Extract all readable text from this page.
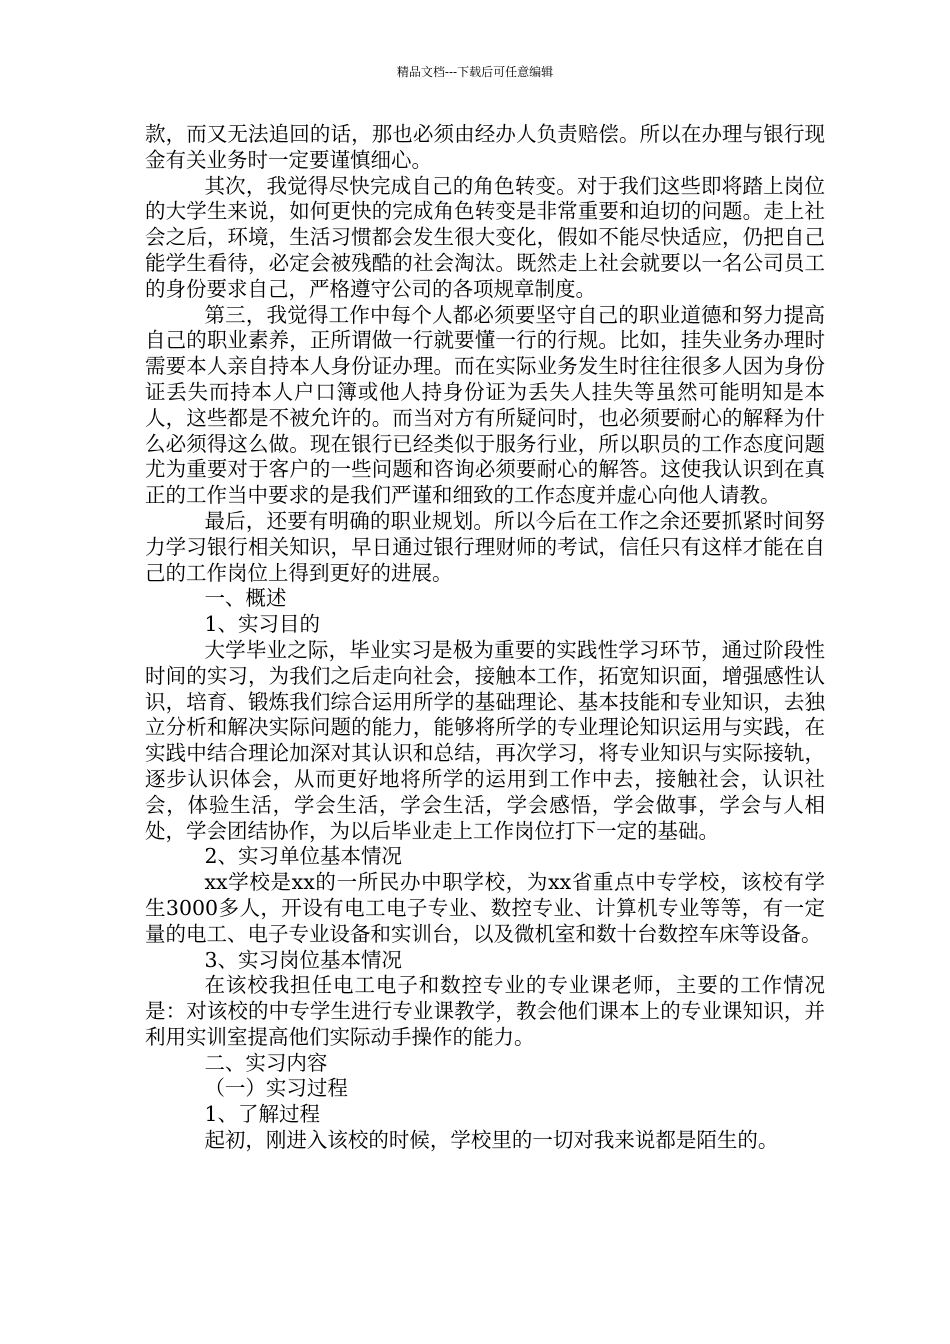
精品文档---下载后可任意编辑

款，而又无法追回的话，那也必须由经办人负责赔偿。所以在办理与银行现金有关业务时一定要谨慎细心。

其次，我觉得尽快完成自己的角色转变。对于我们这些即将踏上岗位的大学生来说，如何更快的完成角色转变是非常重要和迫切的问题。走上社会之后，环境，生活习惯都会发生很大变化，假如不能尽快适应，仍把自己能学生看待，必定会被残酷的社会淘汰。既然走上社会就要以一名公司员工的身份要求自己，严格遵守公司的各项规章制度。

第三，我觉得工作中每个人都必须要坚守自己的职业道德和努力提高自己的职业素养，正所谓做一行就要懂一行的行规。比如，挂失业务办理时需要本人亲自持本人身份证办理。而在实际业务发生时往往很多人因为身份证丢失而持本人户口簿或他人持身份证为丢失人挂失等虽然可能明知是本人，这些都是不被允许的。而当对方有所疑问时，也必须要耐心的解释为什么必须得这么做。现在银行已经类似于服务行业，所以职员的工作态度问题尤为重要对于客户的一些问题和咨询必须要耐心的解答。这使我认识到在真正的工作当中要求的是我们严谨和细致的工作态度并虚心向他人请教。

最后，还要有明确的职业规划。所以今后在工作之余还要抓紧时间努力学习银行相关知识，早日通过银行理财师的考试，信任只有这样才能在自己的工作岗位上得到更好的进展。

一、概述

1、实习目的

大学毕业之际，毕业实习是极为重要的实践性学习环节，通过阶段性时间的实习，为我们之后走向社会，接触本工作，拓宽知识面，增强感性认识，培育、锻炼我们综合运用所学的基础理论、基本技能和专业知识，去独立分析和解决实际问题的能力，能够将所学的专业理论知识运用与实践，在实践中结合理论加深对其认识和总结，再次学习，将专业知识与实际接轨，逐步认识体会，从而更好地将所学的运用到工作中去，接触社会，认识社会，体验生活，学会生活，学会生活，学会感悟，学会做事，学会与人相处，学会团结协作，为以后毕业走上工作岗位打下一定的基础。

2、实习单位基本情况

xx学校是xx的一所民办中职学校，为xx省重点中专学校，该校有学生3000多人，开设有电工电子专业、数控专业、计算机专业等等，有一定量的电工、电子专业设备和实训台，以及微机室和数十台数控车床等设备。

3、实习岗位基本情况

在该校我担任电工电子和数控专业的专业课老师，主要的工作情况是：对该校的中专学生进行专业课教学，教会他们课本上的专业课知识，并利用实训室提高他们实际动手操作的能力。

二、实习内容

（一）实习过程

1、了解过程

起初，刚进入该校的时候，学校里的一切对我来说都是陌生的。
